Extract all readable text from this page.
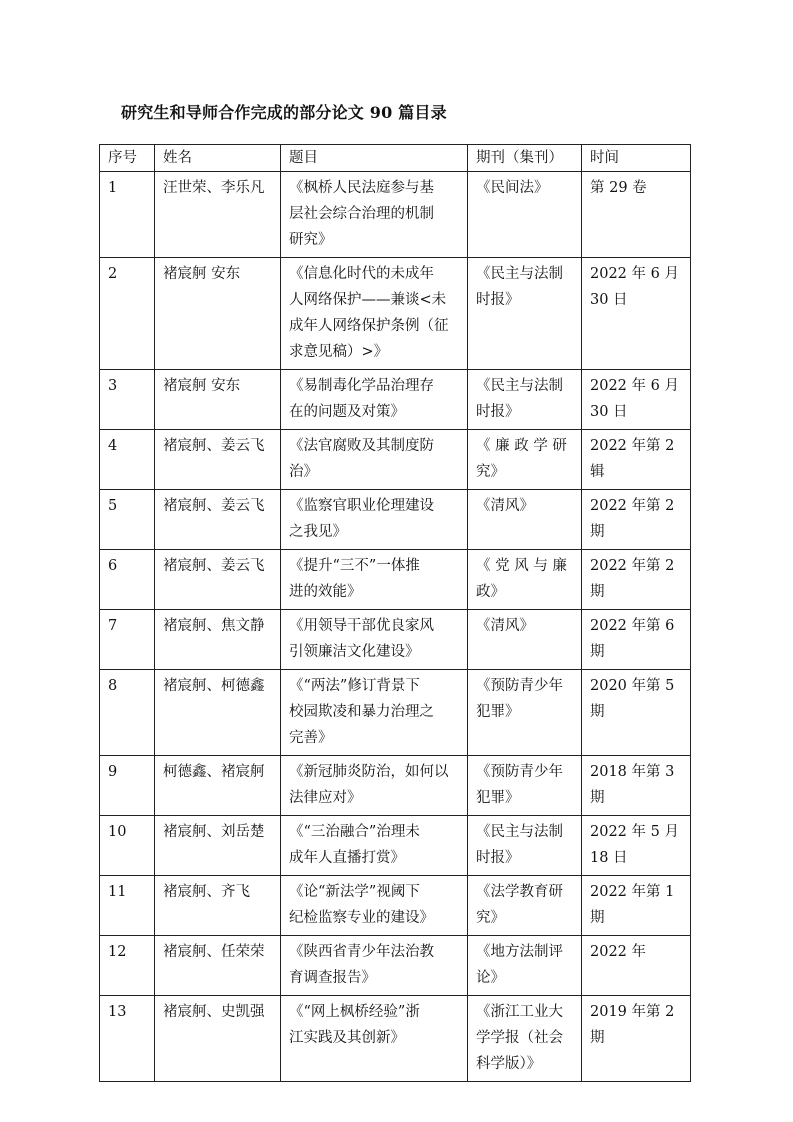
研究生和导师合作完成的部分论文 90 篇目录
序号	姓名	题目	期刊（集刊）	时间
1	汪世荣、李乐凡	《枫桥人民法庭参与基
层社会综合治理的机制
研究》	《民间法》	第 29 卷
2	褚宸舸 安东	《信息化时代的未成年
人网络保护——兼谈<未
成年人网络保护条例（征
求意见稿）>》	《民主与法制
时报》	2022 年 6 月
30 日
3	褚宸舸 安东	《易制毒化学品治理存
在的问题及对策》	《民主与法制
时报》	2022 年 6 月
30 日
4	褚宸舸、姜云飞	《法官腐败及其制度防
治》	《 廉 政 学 研
究》	2022 年第 2
辑
5	褚宸舸、姜云飞	《监察官职业伦理建设
之我见》	《清风》	2022 年第 2
期
6	褚宸舸、姜云飞	《提升“三不”一体推
进的效能》	《 党 风 与 廉
政》	2022 年第 2
期
7	褚宸舸、焦文静	《用领导干部优良家风
引领廉洁文化建设》	《清风》	2022 年第 6
期
8	褚宸舸、柯德鑫	《“两法”修订背景下
校园欺凌和暴力治理之
完善》	《预防青少年
犯罪》	2020 年第 5
期
9	柯德鑫、褚宸舸	《新冠肺炎防治，如何以
法律应对》	《预防青少年
犯罪》	2018 年第 3
期
10	褚宸舸、刘岳楚	《“三治融合”治理未
成年人直播打赏》	《民主与法制
时报》	2022 年 5 月
18 日
11	褚宸舸、齐飞	《论“新法学”视阈下
纪检监察专业的建设》	《法学教育研
究》	2022 年第 1
期
12	褚宸舸、任荣荣	《陕西省青少年法治教
育调查报告》	《地方法制评
论》	2022 年
13	褚宸舸、史凯强	《“网上枫桥经验”浙
江实践及其创新》	《浙江工业大
学学报（社会
科学版）》	2019 年第 2
期
